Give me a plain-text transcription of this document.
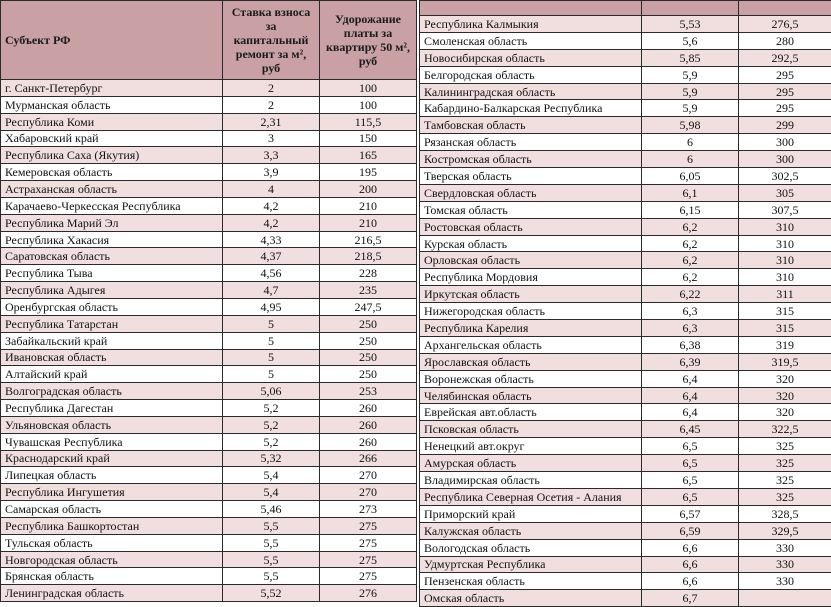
Субъект РФ	Ставка взноса за капитальный ремонт за м², руб	Удорожание платы за квартиру 50 м², руб
г. Санкт-Петербург	2	100
Мурманская область	2	100
Республика Коми	2,31	115,5
Хабаровский край	3	150
Республика Саха (Якутия)	3,3	165
Кемеровская область	3,9	195
Астраханская область	4	200
Карачаево-Черкесская Республика	4,2	210
Республика Марий Эл	4,2	210
Республика Хакасия	4,33	216,5
Саратовская область	4,37	218,5
Республика Тыва	4,56	228
Республика Адыгея	4,7	235
Оренбургская область	4,95	247,5
Республика Татарстан	5	250
Забайкальский край	5	250
Ивановская область	5	250
Алтайский край	5	250
Волгоградская область	5,06	253
Республика Дагестан	5,2	260
Ульяновская область	5,2	260
Чувашская Республика	5,2	260
Краснодарский край	5,32	266
Липецкая область	5,4	270
Республика Ингушетия	5,4	270
Самарская область	5,46	273
Республика Башкортостан	5,5	275
Тульская область	5,5	275
Новгородская область	5,5	275
Брянская область	5,5	275
Ленинградская область	5,52	276

Республика Калмыкия	5,53	276,5
Смоленская область	5,6	280
Новосибирская область	5,85	292,5
Белгородская область	5,9	295
Калининградская область	5,9	295
Кабардино-Балкарская Республика	5,9	295
Тамбовская область	5,98	299
Рязанская область	6	300
Костромская область	6	300
Тверская область	6,05	302,5
Свердловская область	6,1	305
Томская область	6,15	307,5
Ростовская область	6,2	310
Курская область	6,2	310
Орловская область	6,2	310
Республика Мордовия	6,2	310
Иркутская область	6,22	311
Нижегородская область	6,3	315
Республика Карелия	6,3	315
Архангельская область	6,38	319
Ярославская область	6,39	319,5
Воронежская область	6,4	320
Челябинская область	6,4	320
Еврейская авт.область	6,4	320
Псковская область	6,45	322,5
Ненецкий авт.округ	6,5	325
Амурская область	6,5	325
Владимирская область	6,5	325
Республика Северная Осетия - Алания	6,5	325
Приморский край	6,57	328,5
Калужская область	6,59	329,5
Вологодская область	6,6	330
Удмуртская Республика	6,6	330
Пензенская область	6,6	330
Омская область	6,7	
